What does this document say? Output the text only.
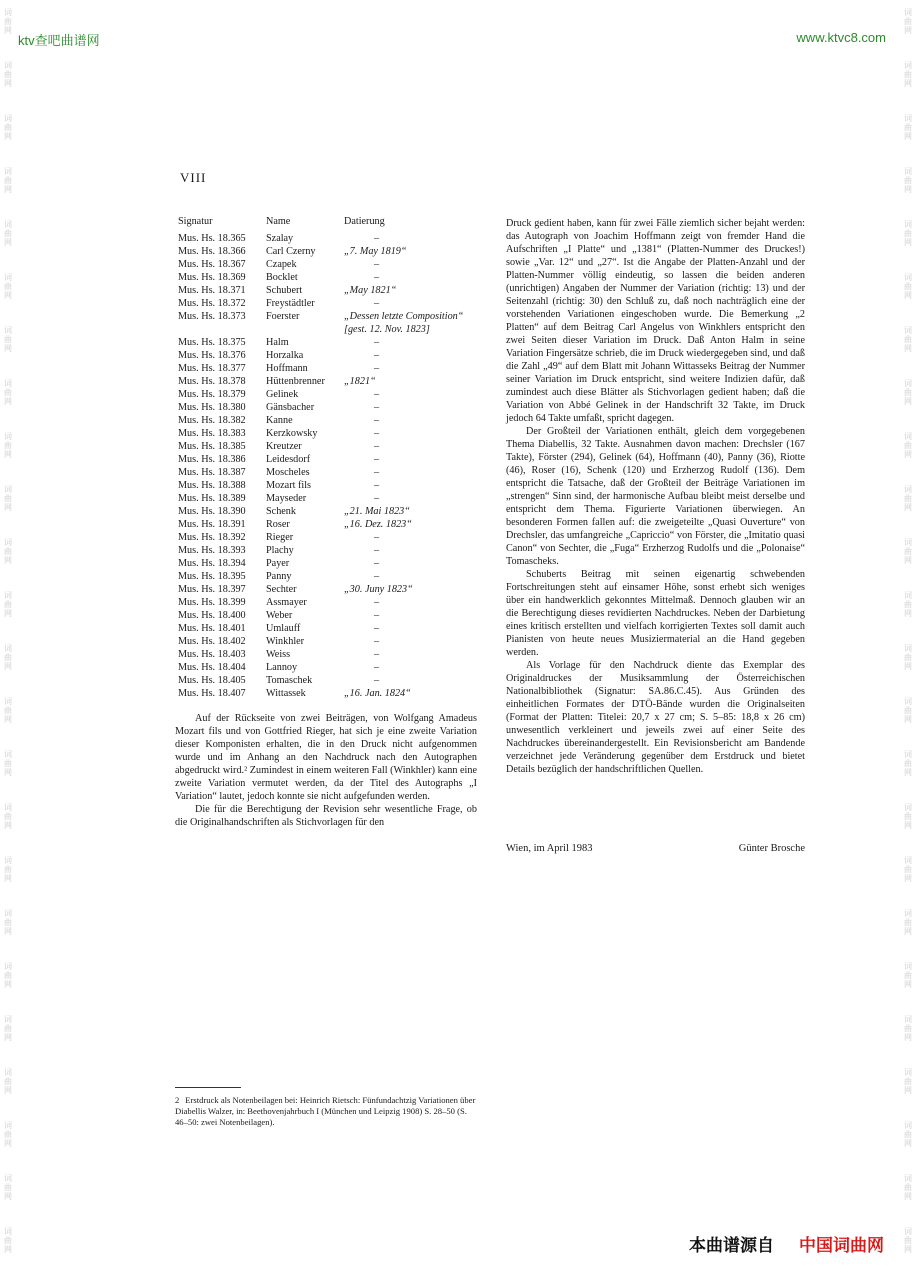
ktv查吧曲谱网	www.ktvc8.com
本曲谱源自 中国词曲网
词
曲
网
词
曲
网
词
曲
网
词
曲
网
词
曲
网
词
曲
网
词
曲
网
词
曲
网
词
曲
网
词
曲
网
词
曲
网
词
曲
网
词
曲
网
词
曲
网
词
曲
网
词
曲
网
词
曲
网
词
曲
网
词
曲
网
词
曲
网
词
曲
网
词
曲
网
词
曲
网
词
曲
网
词
曲
网
词
曲
网
词
曲
网
词
曲
网
词
曲
网
词
曲
网
词
曲
网
词
曲
网
词
曲
网
词
曲
网
词
曲
网
词
曲
网
词
曲
网
词
曲
网
词
曲
网
词
曲
网
词
曲
网
词
曲
网
词
曲
网
词
曲
网
词
曲
网
词
曲
网
词
曲
网
词
曲
网
VIII
Signatur	Name	Datierung
Mus. Hs. 18.365 Szalay	–
Mus. Hs. 18.366 Carl Czerny	„7. May 1819“
Mus. Hs. 18.367 Czapek	–
Mus. Hs. 18.369 Bocklet	–
Mus. Hs. 18.371 Schubert	„May 1821“
Mus. Hs. 18.372 Freystädtler	–
Mus. Hs. 18.373 Foerster	„Dessen letzte Composition“ [gest. 12. Nov. 1823]
Mus. Hs. 18.375 Halm	–
Mus. Hs. 18.376 Horzalka	–
Mus. Hs. 18.377 Hoffmann	–
Mus. Hs. 18.378 Hüttenbrenner „1821“
Mus. Hs. 18.379 Gelinek	–
Mus. Hs. 18.380 Gänsbacher	–
Mus. Hs. 18.382 Kanne	–
Mus. Hs. 18.383 Kerzkowsky	–
Mus. Hs. 18.385 Kreutzer	–
Mus. Hs. 18.386 Leidesdorf	–
Mus. Hs. 18.387 Moscheles	–
Mus. Hs. 18.388 Mozart fils	–
Mus. Hs. 18.389 Mayseder	–
Mus. Hs. 18.390 Schenk	„21. Mai 1823“
Mus. Hs. 18.391 Roser	„16. Dez. 1823“
Mus. Hs. 18.392 Rieger	–
Mus. Hs. 18.393 Plachy	–
Mus. Hs. 18.394 Payer	–
Mus. Hs. 18.395 Panny	–
Mus. Hs. 18.397 Sechter	„30. Juny 1823“
Mus. Hs. 18.399 Assmayer	–
Mus. Hs. 18.400 Weber	–
Mus. Hs. 18.401 Umlauff	–
Mus. Hs. 18.402 Winkhler	–
Mus. Hs. 18.403 Weiss	–
Mus. Hs. 18.404 Lannoy	–
Mus. Hs. 18.405 Tomaschek	–
Mus. Hs. 18.407 Wittassek	„16. Jan. 1824“

Auf der Rückseite von zwei Beiträgen, von Wolfgang Amadeus Mozart fils und von Gottfried Rieger, hat sich je eine zweite Variation dieser Komponisten erhalten, die in den Druck nicht aufgenommen wurde und im Anhang an den Nachdruck nach den Autographen abgedruckt wird.² Zumindest in einem weiteren Fall (Winkhler) kann eine zweite Variation vermutet werden, da der Titel des Autographs „I Variation“ lautet, jedoch konnte sie nicht aufgefunden werden.

Die für die Berechtigung der Revision sehr wesentliche Frage, ob die Originalhandschriften als Stichvorlagen für den

Druck gedient haben, kann für zwei Fälle ziemlich sicher bejaht werden: das Autograph von Joachim Hoffmann zeigt von fremder Hand die Aufschriften „I Platte“ und „1381“ (Platten-Nummer des Druckes!) sowie „Var. 12“ und „27“. Ist die Angabe der Platten-Anzahl und der Platten-Nummer völlig eindeutig, so lassen die beiden anderen (unrichtigen) Angaben der Nummer der Variation (richtig: 13) und der Seitenzahl (richtig: 30) den Schluß zu, daß noch nachträglich eine der vorstehenden Variationen eingeschoben wurde. Die Bemerkung „2 Platten“ auf dem Beitrag Carl Angelus von Winkhlers entspricht den zwei Seiten dieser Variation im Druck. Daß Anton Halm in seine Variation Fingersätze schrieb, die im Druck wiedergegeben sind, und daß die Zahl „49“ auf dem Blatt mit Johann Wittasseks Beitrag der Nummer seiner Variation im Druck entspricht, sind weitere Indizien dafür, daß zumindest auch diese Blätter als Stichvorlagen gedient haben; daß die Variation von Abbé Gelinek in der Handschrift 32 Takte, im Druck jedoch 64 Takte umfaßt, spricht dagegen.

Der Großteil der Variationen enthält, gleich dem vorgegebenen Thema Diabellis, 32 Takte. Ausnahmen davon machen: Drechsler (167 Takte), Förster (294), Gelinek (64), Hoffmann (40), Panny (36), Riotte (46), Roser (16), Schenk (120) und Erzherzog Rudolf (136). Dem entspricht die Tatsache, daß der Großteil der Beiträge Variationen im „strengen“ Sinn sind, der harmonische Aufbau bleibt meist derselbe und entspricht dem Thema. Figurierte Variationen überwiegen. An besonderen Formen fallen auf: die zweigeteilte „Quasi Ouverture“ von Drechsler, das umfangreiche „Capriccio“ von Förster, die „Imitatio quasi Canon“ von Sechter, die „Fuga“ Erzherzog Rudolfs und die „Polonaise“ Tomascheks.

Schuberts Beitrag mit seinen eigenartig schwebenden Fortschreitungen steht auf einsamer Höhe, sonst erhebt sich weniges über ein handwerklich gekonntes Mittelmaß. Dennoch glauben wir an die Berechtigung dieses revidierten Nachdruckes. Neben der Darbietung eines kritisch erstellten und vielfach korrigierten Textes soll damit auch Pianisten von heute neues Musiziermaterial an die Hand gegeben werden.

Als Vorlage für den Nachdruck diente das Exemplar des Originaldruckes der Musiksammlung der Österreichischen Nationalbibliothek (Signatur: SA.86.C.45). Aus Gründen des einheitlichen Formates der DTÖ-Bände wurden die Originalseiten (Format der Platten: Titelei: 20,7 x 27 cm; S. 5–85: 18,8 x 26 cm) unwesentlich verkleinert und jeweils zwei auf einer Seite des Nachdruckes übereinandergestellt. Ein Revisionsbericht am Bandende verzeichnet jede Veränderung gegenüber dem Erstdruck und bietet Details bezüglich der handschriftlichen Quellen.

Wien, im April 1983	Günter Brosche
2 Erstdruck als Notenbeilagen bei: Heinrich Rietsch: Fünfundachtzig Variationen über Diabellis Walzer, in: Beethovenjahrbuch I (München und Leipzig 1908) S. 28–50 (S. 46–50: zwei Notenbeilagen).
